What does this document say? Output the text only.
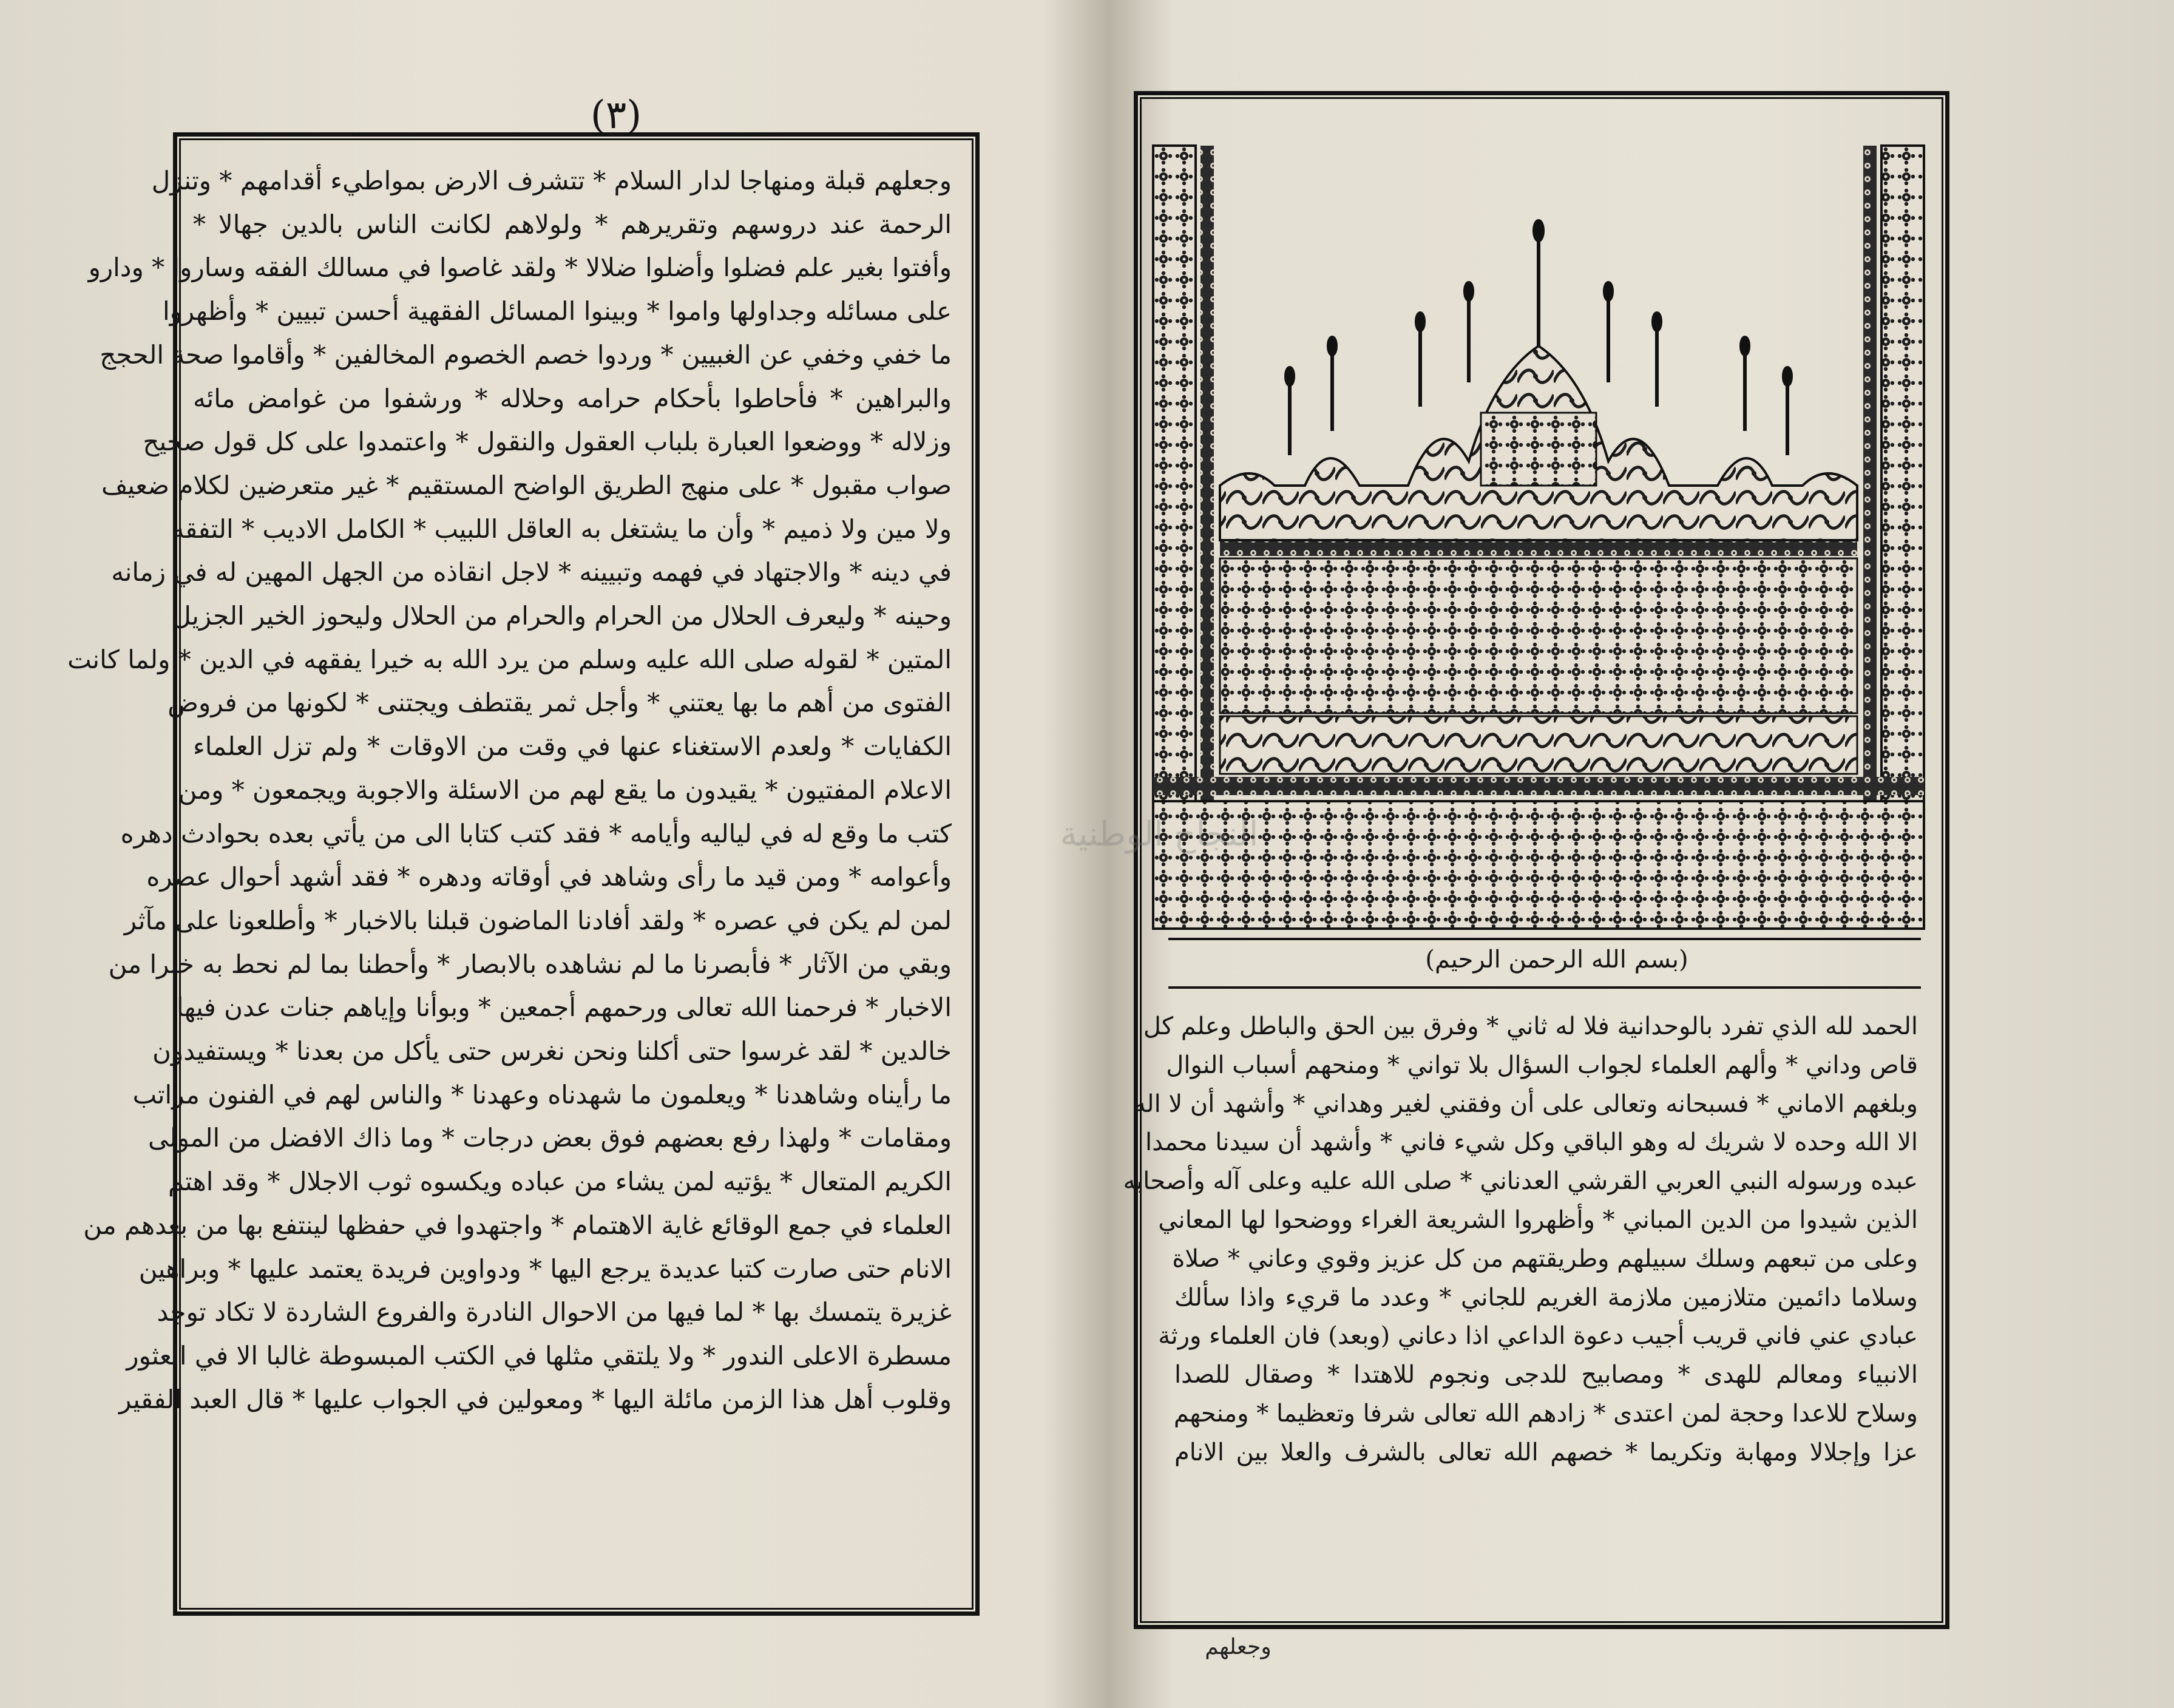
(٣)
وجعلهم قبلة ومنهاجا لدار السلام * تتشرف الارض بمواطيء أقدامهم * وتنزل
الرحمة عند دروسهم وتقريرهم * ولولاهم لكانت الناس بالدين جهالا *
وأفتوا بغير علم فضلوا وأضلوا ضلالا * ولقد غاصوا في مسالك الفقه وساروا * ودارو
على مسائله وجداولها واموا * وبينوا المسائل الفقهية أحسن تبيين * وأظهروا
ما خفي وخفي عن الغبيين * وردوا خصم الخصوم المخالفين * وأقاموا صحة الحجج
والبراهين * فأحاطوا بأحكام حرامه وحلاله * ورشفوا من غوامض مائه
وزلاله * ووضعوا العبارة بلباب العقول والنقول * واعتمدوا على كل قول صحيح
صواب مقبول * على منهج الطريق الواضح المستقيم * غير متعرضين لكلام ضعيف
ولا مين ولا ذميم * وأن ما يشتغل به العاقل اللبيب * الكامل الاديب * التفقه
في دينه * والاجتهاد في فهمه وتبيينه * لاجل انقاذه من الجهل المهين له في زمانه
وحينه * وليعرف الحلال من الحرام والحرام من الحلال وليحوز الخير الجزيل
المتين * لقوله صلى الله عليه وسلم من يرد الله به خيرا يفقهه في الدين * ولما كانت
الفتوى من أهم ما بها يعتني * وأجل ثمر يقتطف ويجتنى * لكونها من فروض
الكفايات * ولعدم الاستغناء عنها في وقت من الاوقات * ولم تزل العلماء
الاعلام المفتيون * يقيدون ما يقع لهم من الاسئلة والاجوبة ويجمعون * ومن
كتب ما وقع له في لياليه وأيامه * فقد كتب كتابا الى من يأتي بعده بحوادث دهره
وأعوامه * ومن قيد ما رأى وشاهد في أوقاته ودهره * فقد أشهد أحوال عصره
لمن لم يكن في عصره * ولقد أفادنا الماضون قبلنا بالاخبار * وأطلعونا على مآثر
وبقي من الآثار * فأبصرنا ما لم نشاهده بالابصار * وأحطنا بما لم نحط به خبرا من
الاخبار * فرحمنا الله تعالى ورحمهم أجمعين * وبوأنا وإياهم جنات عدن فيها
خالدين * لقد غرسوا حتى أكلنا ونحن نغرس حتى يأكل من بعدنا * ويستفيدون
ما رأيناه وشاهدنا * ويعلمون ما شهدناه وعهدنا * والناس لهم في الفنون مراتب
ومقامات * ولهذا رفع بعضهم فوق بعض درجات * وما ذاك الافضل من المولى
الكريم المتعال * يؤتيه لمن يشاء من عباده ويكسوه ثوب الاجلال * وقد اهتم
العلماء في جمع الوقائع غاية الاهتمام * واجتهدوا في حفظها لينتفع بها من بعدهم من
الانام حتى صارت كتبا عديدة يرجع اليها * ودواوين فريدة يعتمد عليها * وبراهين
غزيرة يتمسك بها * لما فيها من الاحوال النادرة والفروع الشاردة لا تكاد توجد
مسطرة الاعلى الندور * ولا يلتقي مثلها في الكتب المبسوطة غالبا الا في العثور
وقلوب أهل هذا الزمن مائلة اليها * ومعولين في الجواب عليها * قال العبد الفقير
(بسم الله الرحمن الرحيم)
الحمد لله الذي تفرد بالوحدانية فلا له ثاني * وفرق بين الحق والباطل وعلم كل
قاص وداني * وألهم العلماء لجواب السؤال بلا تواني * ومنحهم أسباب النوال
وبلغهم الاماني * فسبحانه وتعالى على أن وفقني لغير وهداني * وأشهد أن لا اله
الا الله وحده لا شريك له وهو الباقي وكل شيء فاني * وأشهد أن سيدنا محمدا
عبده ورسوله النبي العربي القرشي العدناني * صلى الله عليه وعلى آله وأصحابه
الذين شيدوا من الدين المباني * وأظهروا الشريعة الغراء ووضحوا لها المعاني
وعلى من تبعهم وسلك سبيلهم وطريقتهم من كل عزيز وقوي وعاني * صلاة
وسلاما دائمين متلازمين ملازمة الغريم للجاني * وعدد ما قريء واذا سألك
عبادي عني فاني قريب أجيب دعوة الداعي اذا دعاني (وبعد) فان العلماء ورثة
الانبياء ومعالم للهدى * ومصابيح للدجى ونجوم للاهتدا * وصقال للصدا
وسلاح للاعدا وحجة لمن اعتدى * زادهم الله تعالى شرفا وتعظيما * ومنحهم
عزا وإجلالا ومهابة وتكريما * خصهم الله تعالى بالشرف والعلا بين الانام
وجعلهم
النجاح الوطنية
